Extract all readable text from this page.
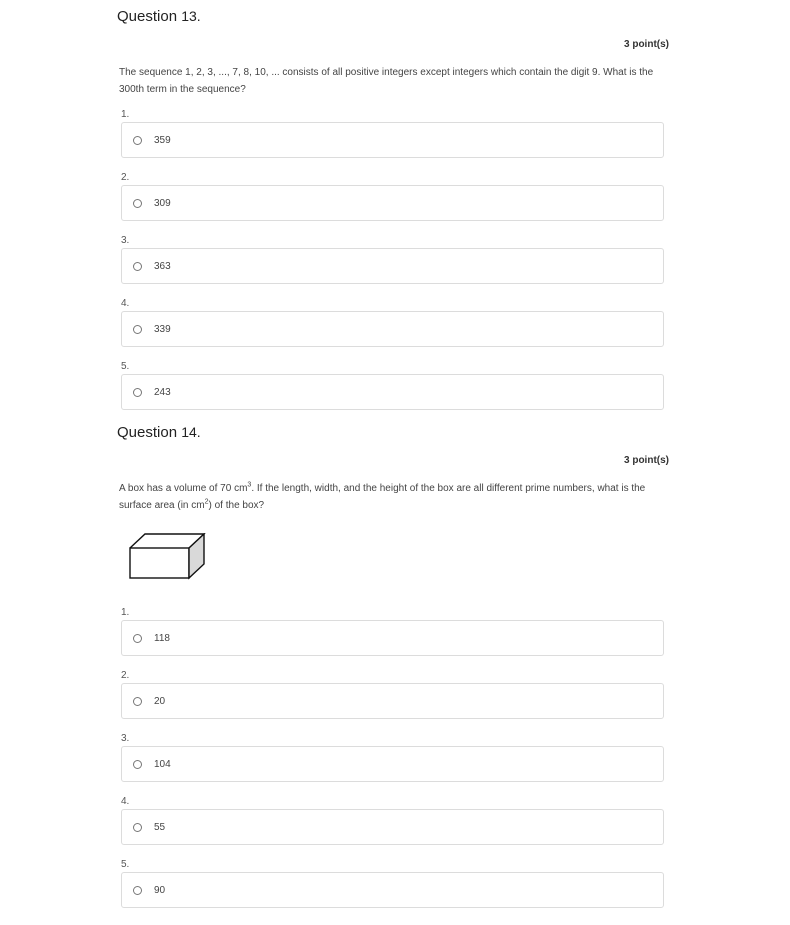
Question 13.
3 point(s)
The sequence 1, 2, 3, ..., 7, 8, 10, ... consists of all positive integers except integers which contain the digit 9. What is the 300th term in the sequence?
1.
359
2.
309
3.
363
4.
339
5.
243
Question 14.
3 point(s)
A box has a volume of 70 $cm^3$. If the length, width, and the height of the box are all different prime numbers, what is the surface area (in $cm^2$) of the box?
1.
118
2.
20
3.
104
4.
55
5.
90
